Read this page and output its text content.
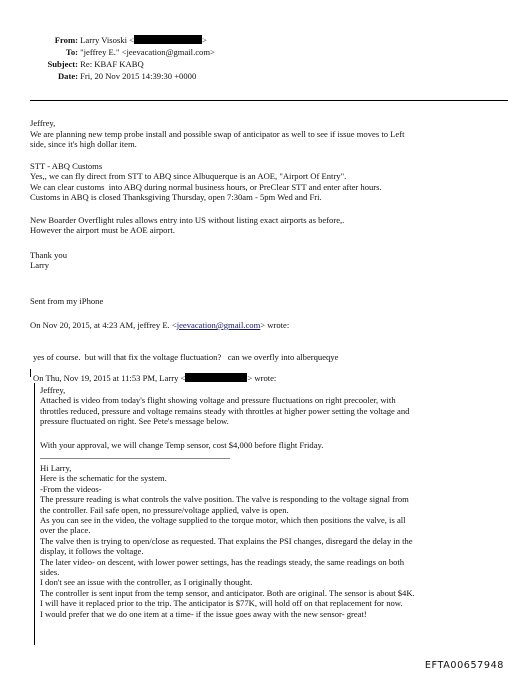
From: Larry Visoski <	>
To: "jeffrey E." <jeevacation@gmail.com>
Subject: Re: KBAF KABQ
Date: Fri, 20 Nov 2015 14:39:30 +0000
Jeffrey,
We are planning new temp probe install and possible swap of anticipator as well to see if issue moves to Left
side, since it's high dollar item.
STT - ABQ Customs
Yes,, we can fly direct from STT to ABQ since Albuquerque is an AOE, "Airport Of Entry".
We can clear customs  into ABQ during normal business hours, or PreClear STT and enter after hours.
Customs in ABQ is closed Thanksgiving Thursday, open 7:30am - 5pm Wed and Fri.
New Boarder Overflight rules allows entry into US without listing exact airports as before,.
However the airport must be AOE airport.
Thank you
Larry
Sent from my iPhone
On Nov 20, 2015, at 4:23 AM, jeffrey E. <jeevacation@gmail.com> wrote:
yes of course.  but will that fix the voltage fluctuation?   can we overfly into alberqueqye
On Thu, Nov 19, 2015 at 11:53 PM, Larry <	> wrote:
Jeffrey,
Attached is video from today's flight showing voltage and pressure fluctuations on right precooler, with
throttles reduced, pressure and voltage remains steady with throttles at higher power setting the voltage and
pressure fluctuated on right. See Pete's message below.
With your approval, we will change Temp sensor, cost $4,000 before flight Friday.
Hi Larry,
Here is the schematic for the system.
-From the videos-
The pressure reading is what controls the valve position. The valve is responding to the voltage signal from
the controller. Fail safe open, no pressure/voltage applied, valve is open.
As you can see in the video, the voltage supplied to the torque motor, which then positions the valve, is all
over the place.
The valve then is trying to open/close as requested. That explains the PSI changes, disregard the delay in the
display, it follows the voltage.
The later video- on descent, with lower power settings, has the readings steady, the same readings on both
sides.
I don't see an issue with the controller, as I originally thought.
The controller is sent input from the temp sensor, and anticipator. Both are original. The sensor is about $4K.
I will have it replaced prior to the trip. The anticipator is $77K, will hold off on that replacement for now.
I would prefer that we do one item at a time- if the issue goes away with the new sensor- great!
EFTA00657948
